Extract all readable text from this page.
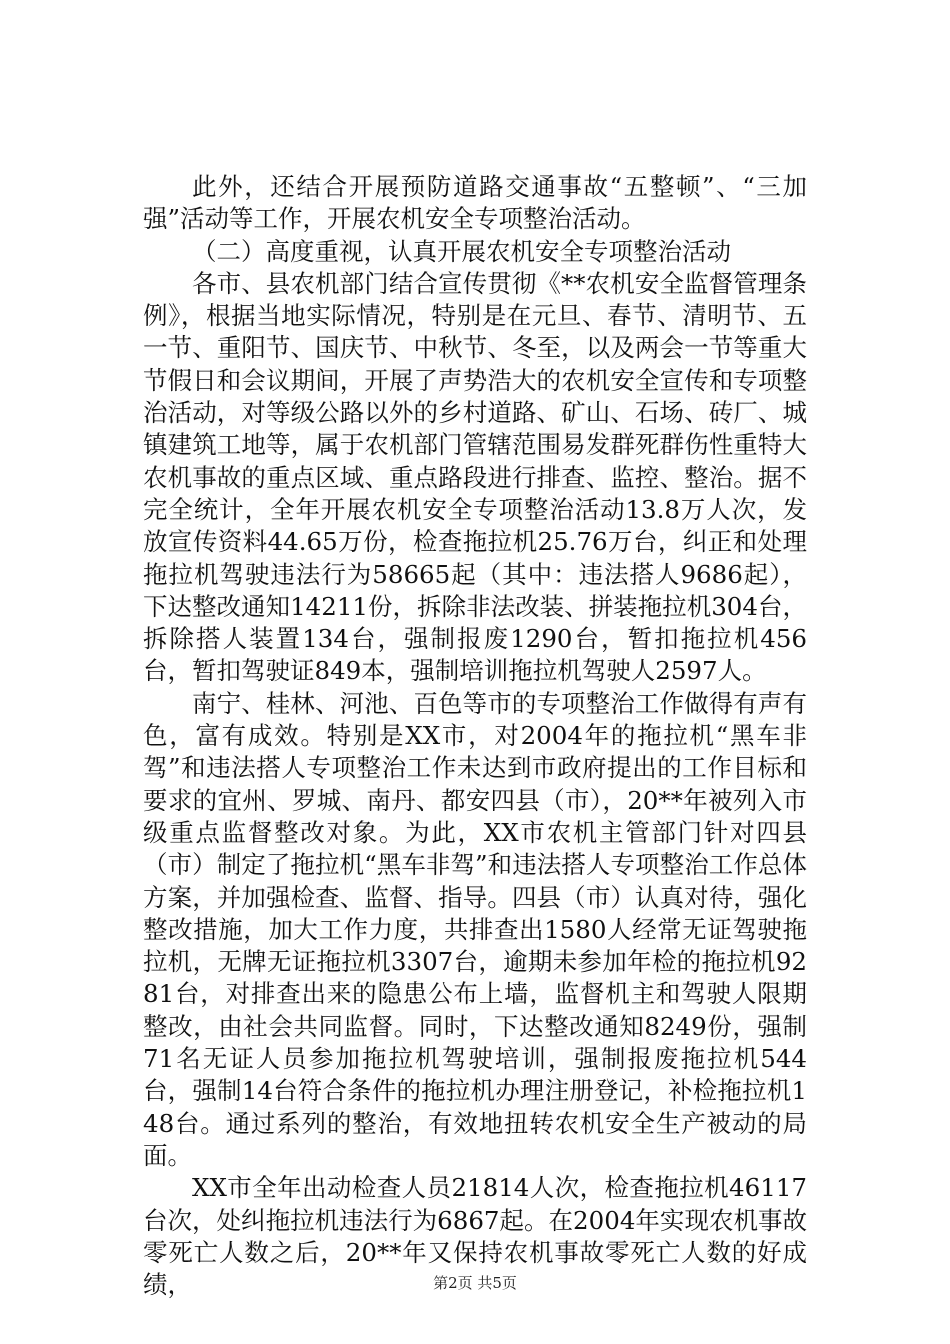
此外，还结合开展预防道路交通事故“五整顿”、“三加强”活动等工作，开展农机安全专项整治活动。

（二）高度重视，认真开展农机安全专项整治活动

各市、县农机部门结合宣传贯彻《**农机安全监督管理条例》，根据当地实际情况，特别是在元旦、春节、清明节、五一节、重阳节、国庆节、中秋节、冬至，以及两会一节等重大节假日和会议期间，开展了声势浩大的农机安全宣传和专项整治活动，对等级公路以外的乡村道路、矿山、石场、砖厂、城镇建筑工地等，属于农机部门管辖范围易发群死群伤性重特大农机事故的重点区域、重点路段进行排查、监控、整治。据不完全统计，全年开展农机安全专项整治活动13.8万人次，发放宣传资料44.65万份，检查拖拉机25.76万台，纠正和处理拖拉机驾驶违法行为58665起（其中：违法搭人9686起），下达整改通知14211份，拆除非法改装、拼装拖拉机304台，拆除搭人装置134台，强制报废1290台，暂扣拖拉机456台，暂扣驾驶证849本，强制培训拖拉机驾驶人2597人。

南宁、桂林、河池、百色等市的专项整治工作做得有声有色，富有成效。特别是XX市，对2004年的拖拉机“黑车非驾”和违法搭人专项整治工作未达到市政府提出的工作目标和要求的宜州、罗城、南丹、都安四县（市），20**年被列入市级重点监督整改对象。为此，XX市农机主管部门针对四县（市）制定了拖拉机“黑车非驾”和违法搭人专项整治工作总体方案，并加强检查、监督、指导。四县（市）认真对待，强化整改措施，加大工作力度，共排查出1580人经常无证驾驶拖拉机，无牌无证拖拉机3307台，逾期未参加年检的拖拉机9281台，对排查出来的隐患公布上墙，监督机主和驾驶人限期整改，由社会共同监督。同时，下达整改通知8249份，强制71名无证人员参加拖拉机驾驶培训，强制报废拖拉机544台，强制14台符合条件的拖拉机办理注册登记，补检拖拉机148台。通过系列的整治，有效地扭转农机安全生产被动的局面。

XX市全年出动检查人员21814人次，检查拖拉机46117台次，处纠拖拉机违法行为6867起。在2004年实现农机事故零死亡人数之后，20**年又保持农机事故零死亡人数的好成绩，	第2页 共5页
